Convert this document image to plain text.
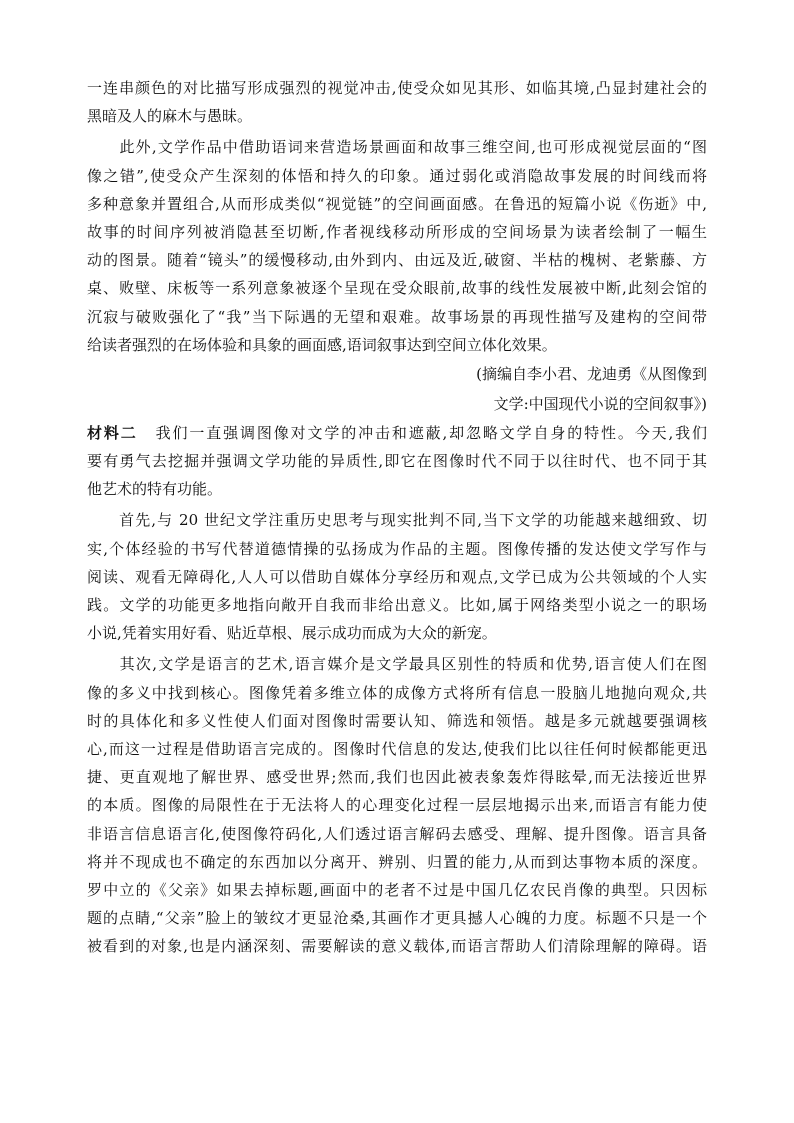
一连串颜色的对比描写形成强烈的视觉冲击,使受众如见其形、如临其境,凸显封建社会的
黑暗及人的麻木与愚昧。
　　此外,文学作品中借助语词来营造场景画面和故事三维空间,也可形成视觉层面的“图
像之错”,使受众产生深刻的体悟和持久的印象。通过弱化或消隐故事发展的时间线而将
多种意象并置组合,从而形成类似“视觉链”的空间画面感。在鲁迅的短篇小说《伤逝》中,
故事的时间序列被消隐甚至切断,作者视线移动所形成的空间场景为读者绘制了一幅生
动的图景。随着“镜头”的缓慢移动,由外到内、由远及近,破窗、半枯的槐树、老紫藤、方
桌、败壁、床板等一系列意象被逐个呈现在受众眼前,故事的线性发展被中断,此刻会馆的
沉寂与破败强化了“我”当下际遇的无望和艰难。故事场景的再现性描写及建构的空间带
给读者强烈的在场体验和具象的画面感,语词叙事达到空间立体化效果。
(摘编自李小君、龙迪勇《从图像到
文学:中国现代小说的空间叙事》)
材料二 我们一直强调图像对文学的冲击和遮蔽,却忽略文学自身的特性。今天,我们
要有勇气去挖掘并强调文学功能的异质性,即它在图像时代不同于以往时代、也不同于其
他艺术的特有功能。
　　首先,与 20 世纪文学注重历史思考与现实批判不同,当下文学的功能越来越细致、切
实,个体经验的书写代替道德情操的弘扬成为作品的主题。图像传播的发达使文学写作与
阅读、观看无障碍化,人人可以借助自媒体分享经历和观点,文学已成为公共领域的个人实
践。文学的功能更多地指向敞开自我而非给出意义。比如,属于网络类型小说之一的职场
小说,凭着实用好看、贴近草根、展示成功而成为大众的新宠。
　　其次,文学是语言的艺术,语言媒介是文学最具区别性的特质和优势,语言使人们在图
像的多义中找到核心。图像凭着多维立体的成像方式将所有信息一股脑儿地抛向观众,共
时的具体化和多义性使人们面对图像时需要认知、筛选和领悟。越是多元就越要强调核
心,而这一过程是借助语言完成的。图像时代信息的发达,使我们比以往任何时候都能更迅
捷、更直观地了解世界、感受世界;然而,我们也因此被表象轰炸得眩晕,而无法接近世界
的本质。图像的局限性在于无法将人的心理变化过程一层层地揭示出来,而语言有能力使
非语言信息语言化,使图像符码化,人们透过语言解码去感受、理解、提升图像。语言具备
将并不现成也不确定的东西加以分离开、辨别、归置的能力,从而到达事物本质的深度。
罗中立的《父亲》如果去掉标题,画面中的老者不过是中国几亿农民肖像的典型。只因标
题的点睛,“父亲”脸上的皱纹才更显沧桑,其画作才更具撼人心魄的力度。标题不只是一个
被看到的对象,也是内涵深刻、需要解读的意义载体,而语言帮助人们清除理解的障碍。语
